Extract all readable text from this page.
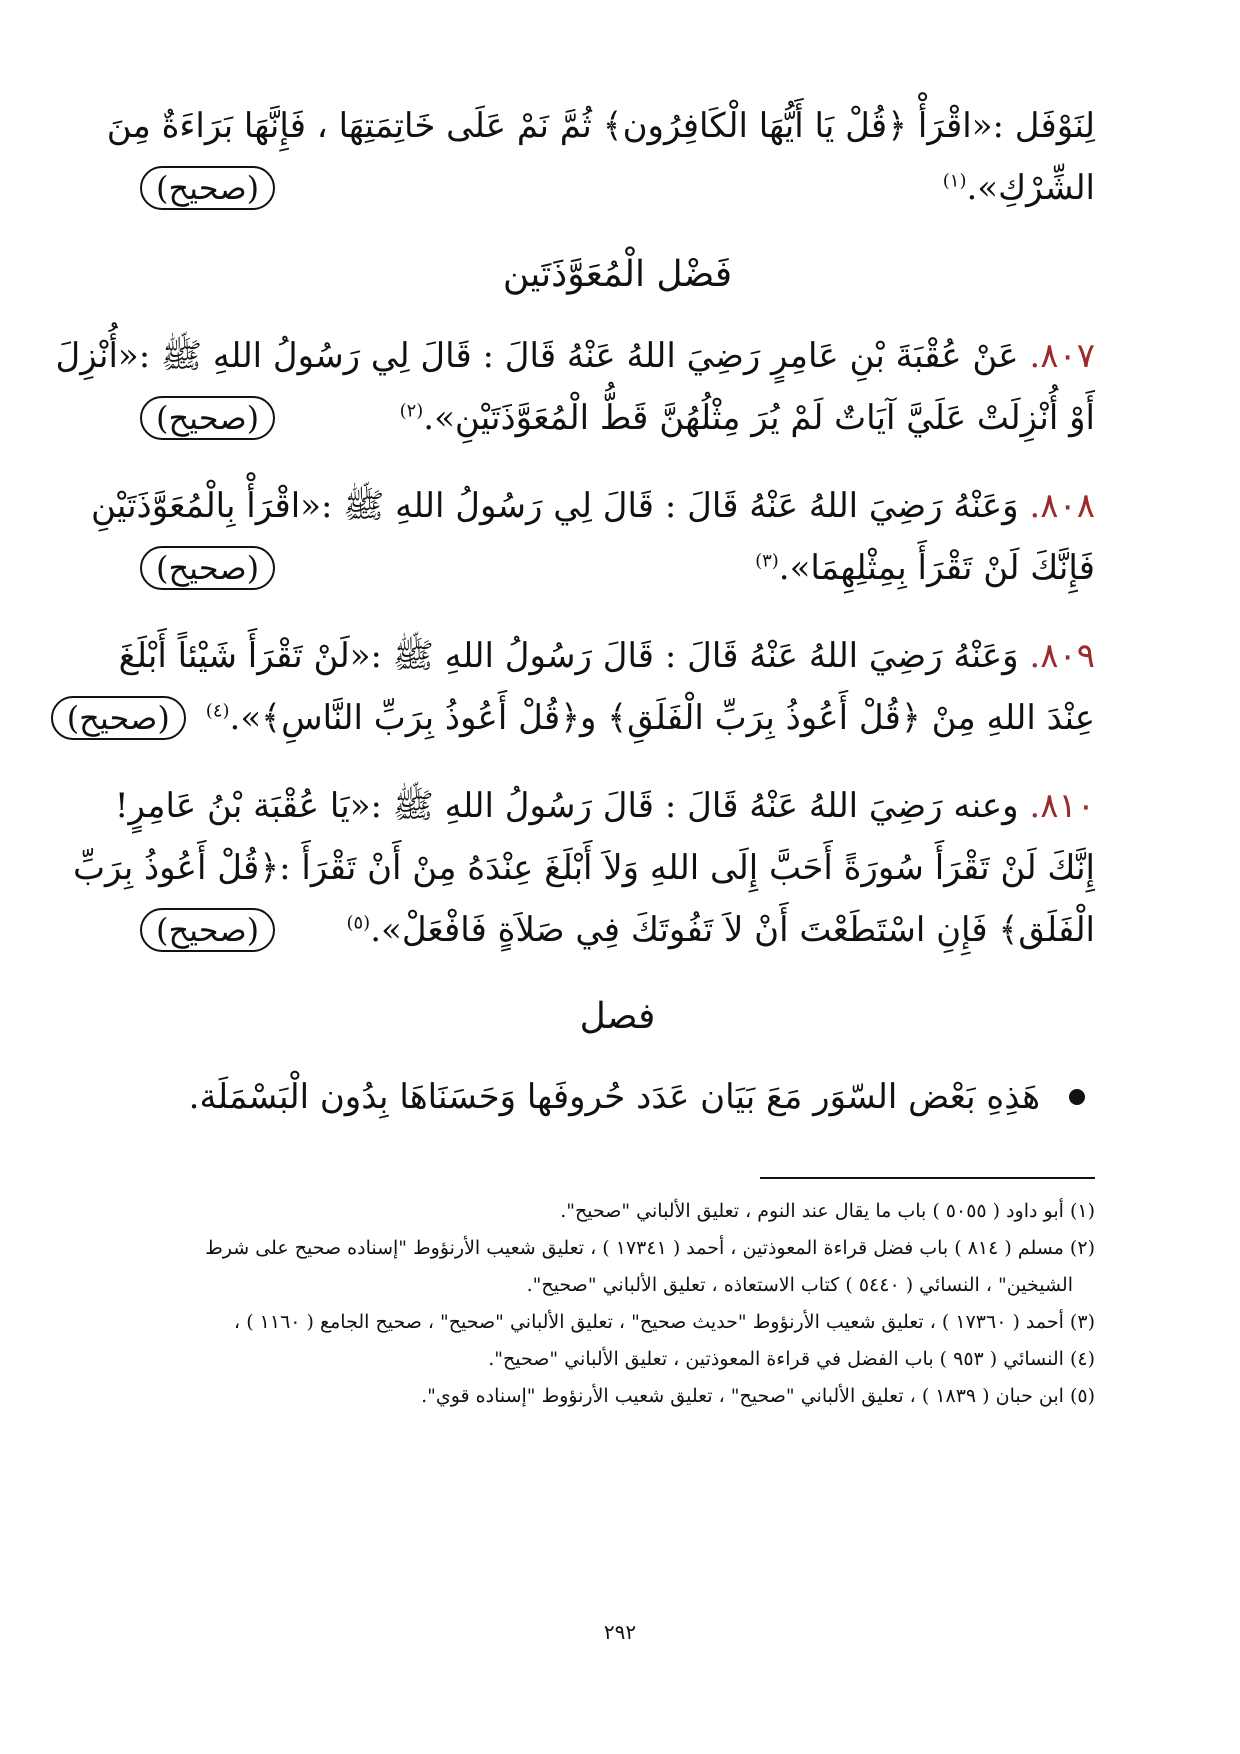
لِنَوْفَل :«اقْرَأْ ﴿قُلْ يَا أَيُّهَا الْكَافِرُون﴾ ثُمَّ نَمْ عَلَى خَاتِمَتِهَا ، فَإِنَّهَا بَرَاءَةٌ مِنَ
الشِّرْكِ».$^{(١)}$
(صحيح)
فَضْل الْمُعَوَّذَتَين
٨٠٧. عَنْ عُقْبَةَ بْنِ عَامِرٍ رَضِيَ اللهُ عَنْهُ قَالَ : قَالَ لِي رَسُولُ اللهِ ﷺ :«أُنْزِلَ
أَوْ أُنْزِلَتْ عَلَيَّ آيَاتٌ لَمْ يُرَ مِثْلُهُنَّ قَطُّ الْمُعَوَّذَتَيْنِ».$^{(٢)}$
(صحيح)
٨٠٨. وَعَنْهُ رَضِيَ اللهُ عَنْهُ قَالَ : قَالَ لِي رَسُولُ اللهِ ﷺ :«اقْرَأْ بِالْمُعَوَّذَتَيْنِ
فَإِنَّكَ لَنْ تَقْرَأَ بِمِثْلِهِمَا».$^{(٣)}$
(صحيح)
٨٠٩. وَعَنْهُ رَضِيَ اللهُ عَنْهُ قَالَ : قَالَ رَسُولُ اللهِ ﷺ :«لَنْ تَقْرَأَ شَيْئاً أَبْلَغَ
عِنْدَ اللهِ مِنْ ﴿قُلْ أَعُوذُ بِرَبِّ الْفَلَقِ﴾ و﴿قُلْ أَعُوذُ بِرَبِّ النَّاسِ﴾».$^{(٤)}$
(صحيح)
٨١٠. وعنه رَضِيَ اللهُ عَنْهُ قَالَ : قَالَ رَسُولُ اللهِ ﷺ :«يَا عُقْبَة بْنُ عَامِرٍ!
إِنَّكَ لَنْ تَقْرَأَ سُورَةً أَحَبَّ إِلَى اللهِ وَلاَ أَبْلَغَ عِنْدَهُ مِنْ أَنْ تَقْرَأَ :﴿قُلْ أَعُوذُ بِرَبِّ
الْفَلَق﴾ فَإِنِ اسْتَطَعْتَ أَنْ لاَ تَفُوتَكَ فِي صَلاَةٍ فَافْعَلْ».$^{(٥)}$
(صحيح)
فصل
هَذِهِ بَعْض السّوَر مَعَ بَيَان عَدَد حُروفَها وَحَسَنَاهَا بِدُون الْبَسْمَلَة.
(١) أبو داود ( ٥٠٥٥ ) باب ما يقال عند النوم ، تعليق الألباني "صحيح".
(٢) مسلم ( ٨١٤ ) باب فضل قراءة المعوذتين ، أحمد ( ١٧٣٤١ ) ، تعليق شعيب الأرنؤوط "إسناده صحيح على شرط
الشيخين" ، النسائي ( ٥٤٤٠ ) كتاب الاستعاذه ، تعليق الألباني "صحيح".
(٣) أحمد ( ١٧٣٦٠ ) ، تعليق شعيب الأرنؤوط "حديث صحيح" ، تعليق الألباني "صحيح" ، صحيح الجامع ( ١١٦٠ ) ،
(٤) النسائي ( ٩٥٣ ) باب الفضل في قراءة المعوذتين ، تعليق الألباني "صحيح".
(٥) ابن حبان ( ١٨٣٩ ) ، تعليق الألباني "صحيح" ، تعليق شعيب الأرنؤوط "إسناده قوي".
٢٩٢
